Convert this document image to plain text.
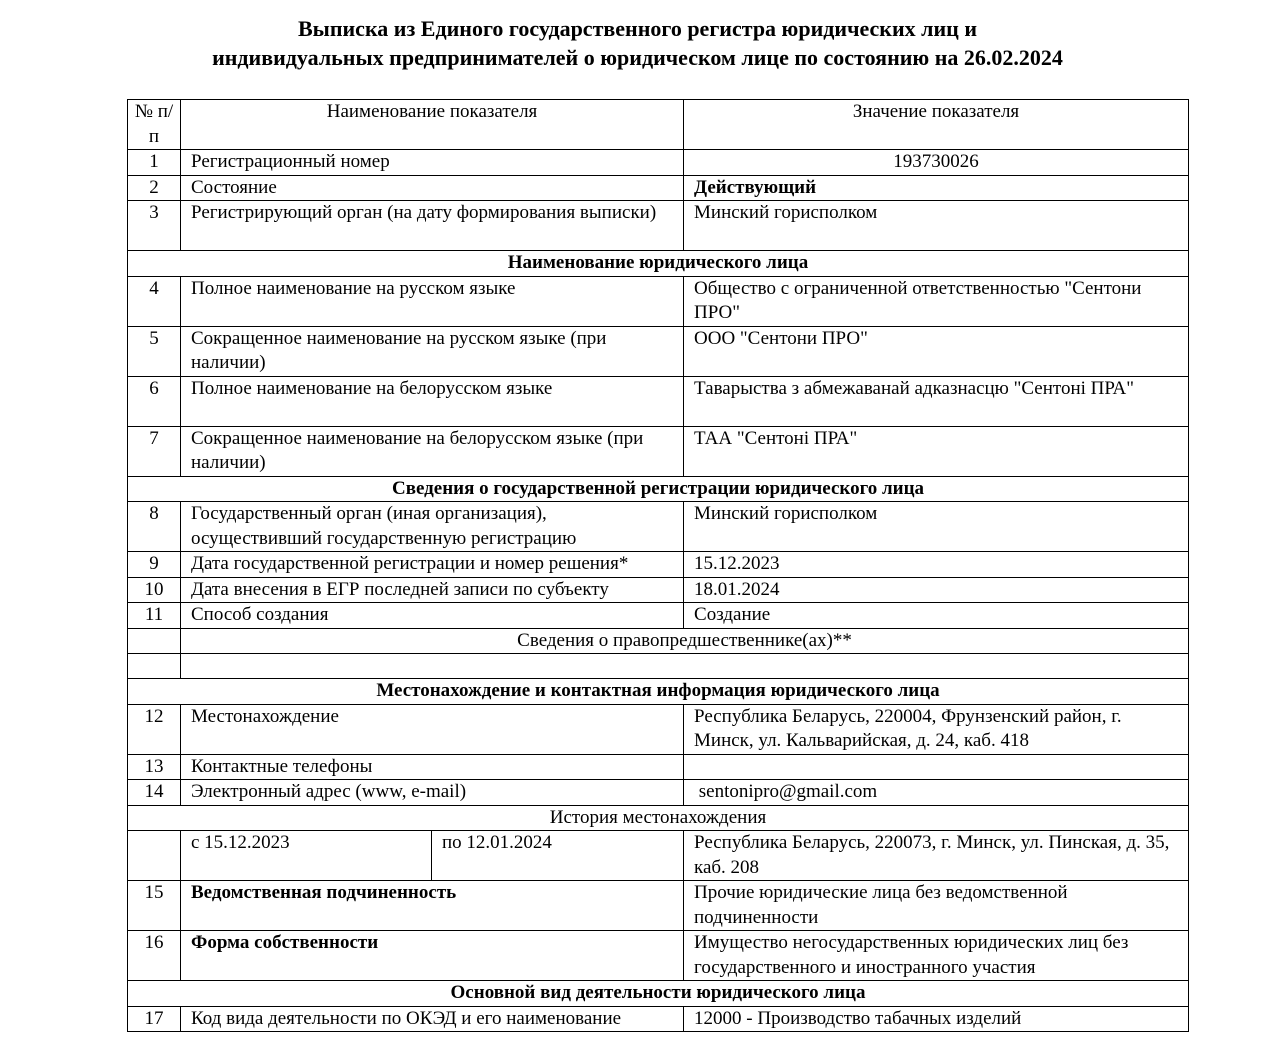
Выписка из Единого государственного регистра юридических лиц и
индивидуальных предпринимателей о юридическом лице по состоянию на 26.02.2024
№ п/п	Наименование показателя		Значение показателя
1	Регистрационный номер		193730026
2	Состояние		Действующий
3	Регистрирующий орган (на дату формирования выписки)		Минский горисполком
Наименование юридического лица			
4	Полное наименование на русском языке		Общество с ограниченной ответственностью "Сентони ПРО"
5	Сокращенное наименование на русском языке (при наличии)		ООО "Сентони ПРО"
6	Полное наименование на белорусском языке		Таварыства з абмежаванай адказнасцю "Сентоні ПРА"
7	Сокращенное наименование на белорусском языке (при наличии)		ТАА "Сентоні ПРА"
Сведения о государственной регистрации юридического лица			
8	Государственный орган (иная организация), осуществивший государственную регистрацию		Минский горисполком
9	Дата государственной регистрации и номер решения*		15.12.2023
10	Дата внесения в ЕГР последней записи по субъекту		18.01.2024
11	Способ создания		Создание
	Сведения о правопредшественнике(ах)**		

Местонахождение и контактная информация юридического лица			
12	Местонахождение		Республика Беларусь, 220004, Фрунзенский район, г. Минск, ул. Кальварийская, д. 24, каб. 418
13	Контактные телефоны		
14	Электронный адрес (www, e-mail)		sentonipro@gmail.com
История местонахождения			
	с 15.12.2023	по 12.01.2024	Республика Беларусь, 220073, г. Минск, ул. Пинская, д. 35, каб. 208
15	Ведомственная подчиненность		Прочие юридические лица без ведомственной подчиненности
16	Форма собственности		Имущество негосударственных юридических лиц без государственного и иностранного участия
Основной вид деятельности юридического лица			
17	Код вида деятельности по ОКЭД и его наименование		12000 - Производство табачных изделий
